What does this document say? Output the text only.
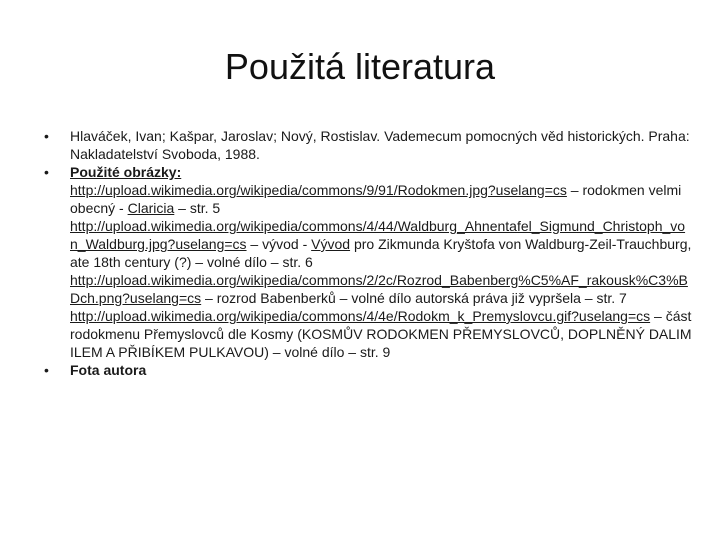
Použitá literatura
• Hlaváček, Ivan; Kašpar, Jaroslav; Nový, Rostislav. Vademecum pomocných věd historických. Praha: Nakladatelství Svoboda, 1988.
• Použité obrázky:
http://upload.wikimedia.org/wikipedia/commons/9/91/Rodokmen.jpg?uselang=cs – rodokmen velmi obecný - Claricia – str. 5
http://upload.wikimedia.org/wikipedia/commons/4/44/Waldburg_Ahnentafel_Sigmund_Christoph_von_Waldburg.jpg?uselang=cs – vývod - Vývod pro Zikmunda Kryštofa von Waldburg-Zeil-Trauchburg, ate 18th century (?) – volné dílo – str. 6
http://upload.wikimedia.org/wikipedia/commons/2/2c/Rozrod_Babenberg%C5%AF_rakousk%C3%BDch.png?uselang=cs – rozrod Babenberků – volné dílo autorská práva již vypršela – str. 7
http://upload.wikimedia.org/wikipedia/commons/4/4e/Rodokm_k_Premyslovcu.gif?uselang=cs – část rodokmenu Přemyslovců dle Kosmy (KOSMŮV RODOKMEN PŘEMYSLOVCŮ, DOPLNĚNÝ DALIMILEM A PŘIBÍKEM PULKAVOU) – volné dílo – str. 9
• Fota autora
